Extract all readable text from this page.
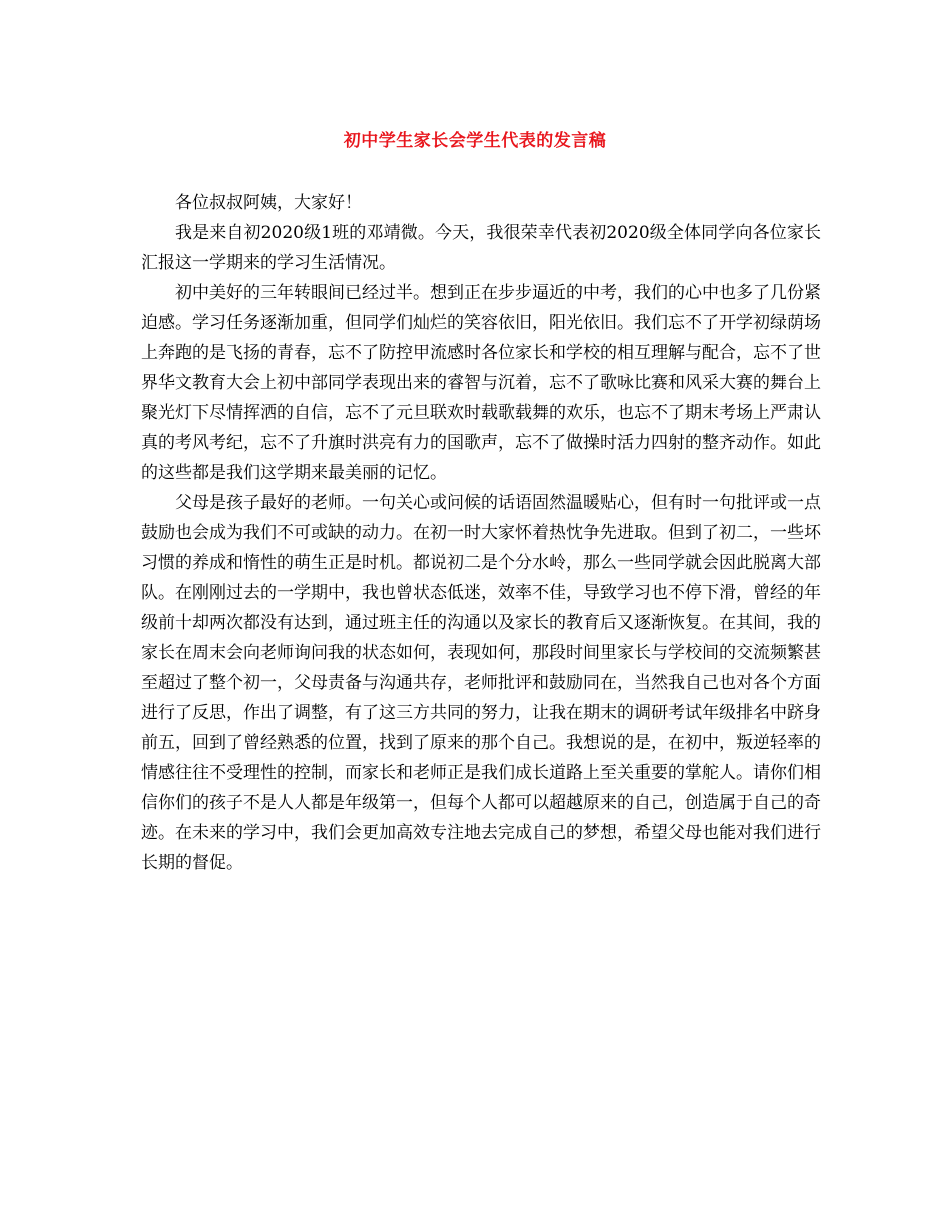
初中学生家长会学生代表的发言稿

各位叔叔阿姨，大家好！

我是来自初2020级1班的邓靖微。今天，我很荣幸代表初2020级全体同学向各位家长汇报这一学期来的学习生活情况。

初中美好的三年转眼间已经过半。想到正在步步逼近的中考，我们的心中也多了几份紧迫感。学习任务逐渐加重，但同学们灿烂的笑容依旧，阳光依旧。我们忘不了开学初绿荫场上奔跑的是飞扬的青春，忘不了防控甲流感时各位家长和学校的相互理解与配合，忘不了世界华文教育大会上初中部同学表现出来的睿智与沉着，忘不了歌咏比赛和风采大赛的舞台上聚光灯下尽情挥洒的自信，忘不了元旦联欢时载歌载舞的欢乐，也忘不了期末考场上严肃认真的考风考纪，忘不了升旗时洪亮有力的国歌声，忘不了做操时活力四射的整齐动作。如此的这些都是我们这学期来最美丽的记忆。

父母是孩子最好的老师。一句关心或问候的话语固然温暖贴心，但有时一句批评或一点鼓励也会成为我们不可或缺的动力。在初一时大家怀着热忱争先进取。但到了初二，一些坏习惯的养成和惰性的萌生正是时机。都说初二是个分水岭，那么一些同学就会因此脱离大部队。在刚刚过去的一学期中，我也曾状态低迷，效率不佳，导致学习也不停下滑，曾经的年级前十却两次都没有达到，通过班主任的沟通以及家长的教育后又逐渐恢复。在其间，我的家长在周末会向老师询问我的状态如何，表现如何，那段时间里家长与学校间的交流频繁甚至超过了整个初一，父母责备与沟通共存，老师批评和鼓励同在，当然我自己也对各个方面进行了反思，作出了调整，有了这三方共同的努力，让我在期末的调研考试年级排名中跻身前五，回到了曾经熟悉的位置，找到了原来的那个自己。我想说的是，在初中，叛逆轻率的情感往往不受理性的控制，而家长和老师正是我们成长道路上至关重要的掌舵人。请你们相信你们的孩子不是人人都是年级第一，但每个人都可以超越原来的自己，创造属于自己的奇迹。在未来的学习中，我们会更加高效专注地去完成自己的梦想，希望父母也能对我们进行长期的督促。
